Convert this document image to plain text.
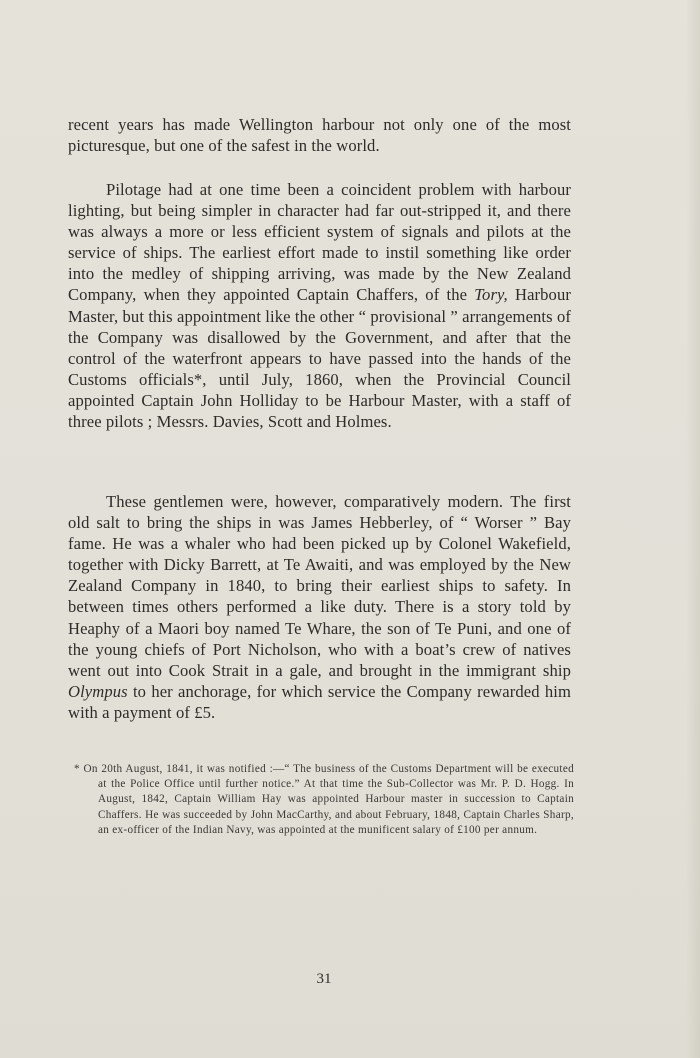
recent years has made Wellington harbour not only one of the most picturesque, but one of the safest in the world.

Pilotage had at one time been a coincident problem with harbour lighting, but being simpler in character had far out-stripped it, and there was always a more or less efficient system of signals and pilots at the service of ships. The earliest effort made to instil something like order into the medley of shipping arriving, was made by the New Zealand Company, when they appointed Captain Chaffers, of the Tory, Harbour Master, but this appointment like the other “ provisional ” arrangements of the Company was disallowed by the Government, and after that the control of the waterfront appears to have passed into the hands of the Customs officials*, until July, 1860, when the Provincial Council appointed Captain John Holliday to be Harbour Master, with a staff of three pilots ; Messrs. Davies, Scott and Holmes.

These gentlemen were, however, comparatively modern. The first old salt to bring the ships in was James Hebberley, of “ Worser ” Bay fame. He was a whaler who had been picked up by Colonel Wakefield, together with Dicky Barrett, at Te Awaiti, and was employed by the New Zealand Company in 1840, to bring their earliest ships to safety. In between times others performed a like duty. There is a story told by Heaphy of a Maori boy named Te Whare, the son of Te Puni, and one of the young chiefs of Port Nicholson, who with a boat’s crew of natives went out into Cook Strait in a gale, and brought in the immigrant ship Olympus to her anchorage, for which service the Company rewarded him with a payment of £5.

* On 20th August, 1841, it was notified :—“ The business of the Customs Department will be executed at the Police Office until further notice.” At that time the Sub-Collector was Mr. P. D. Hogg. In August, 1842, Captain William Hay was appointed Harbour master in succession to Captain Chaffers. He was succeeded by John MacCarthy, and about February, 1848, Captain Charles Sharp, an ex-officer of the Indian Navy, was appointed at the munificent salary of £100 per annum.
31
